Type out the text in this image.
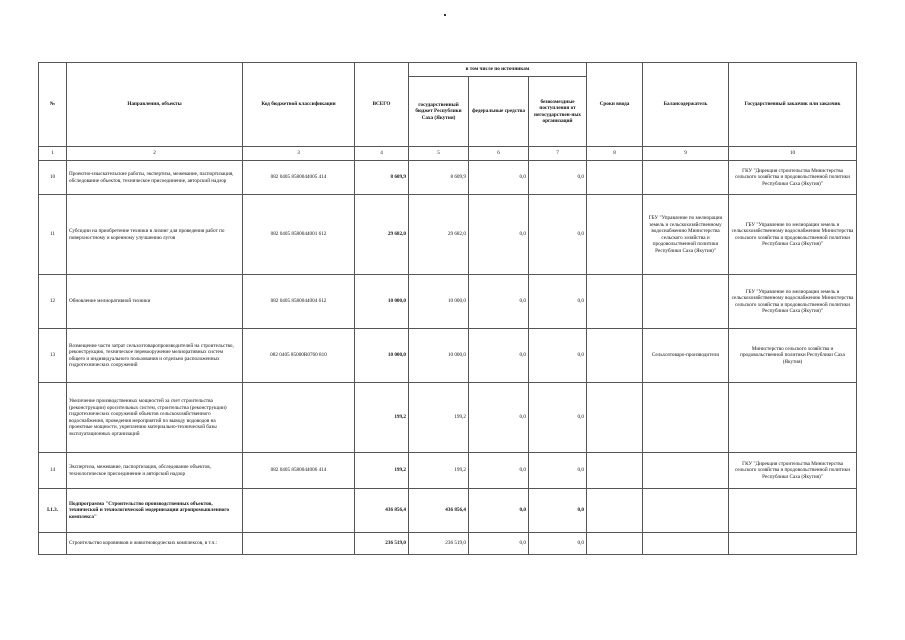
№	Направления, объекты	Код бюджетной классификации	ВСЕГО	в том числе по источникам			Сроки ввода	Балансодержатель	Государственный заказчик или заказчик
				государственный бюджет Республики Саха (Якутия)	федеральные средства	безвозмездные поступления от негосударствен-ных организаций			
1	2	3	4	5	6	7	8	9	10
10	Проектно-изыскательские работы, экспертиза, межевание, паспортизация, обследование объектов, техническое присоединение, авторский надзор	082 0405 8580044005 414	8 609,9	8 609,9	0,0	0,0			ГКУ "Дирекция строительства Министерства сельского хозяйства и продовольственной политики Республики Саха (Якутия)"
11	Субсидии на приобретение техники в лизинг для проведения работ по поверхностному и коренному улучшению лугов	082 0405 8580044001 612	29 682,0	29 682,0	0,0	0,0		ГБУ "Управление по мелиорации земель и сельскохозяйственному водоснабжению Министерства сельского хозяйства и продовольственной политики Республики Саха (Якутия)"	ГБУ "Управление по мелиорации земель и сельскохозяйственному водоснабжению Министерства сельского хозяйства и продовольственной политики Республики Саха (Якутия)"
12	Обновление мелиоративной техники	082 0405 8580044004 612	10 000,0	10 000,0	0,0	0,0			ГБУ "Управление по мелиорации земель и сельскохозяйственному водоснабжению Министерства сельского хозяйства и продовольственной политики Республики Саха (Якутия)"
13	Возмещение части затрат сельхозтоваропроизводителей на строительство, реконструкцию, техническое перевооружение мелиоративных систем общего и индивидуального пользования и отдельно расположенных гидротехнических сооружений	082 0405 85000R0760 810	10 000,0	10 000,0	0,0	0,0		Сельхозтоваро-производители	Министерство сельского хозяйства и продовольственной политики Республики Саха (Якутия)
	Увеличение производственных мощностей за счет строительства (реконструкции) оросительных систем, строительства (реконструкции) гидротехнических сооружений объектов сельскохозяйственного водоснабжения, проведения мероприятий по выводу водоводов на проектные мощности, укреплению материально-технической базы эксплуатационных организаций		199,2	199,2	0,0	0,0			
14	Экспертиза, межевание, паспортизация, обследование объектов, технологическое присоединение и авторский надзор	082 0405 8580044006 414	199,2	199,2	0,0	0,0			ГКУ "Дирекция строительства Министерства сельского хозяйства и продовольственной политики Республики Саха (Якутия)"
I.1.3.	Подпрограмма "Строительство производственных объектов, технической и технологической модернизации агропромышленного комплекса"		436 856,4	436 856,4	0,0	0,0			
	Строительство коровников и животноводческих комплексов, в т.ч.:		236 519,0	236 519,0	0,0	0,0			
